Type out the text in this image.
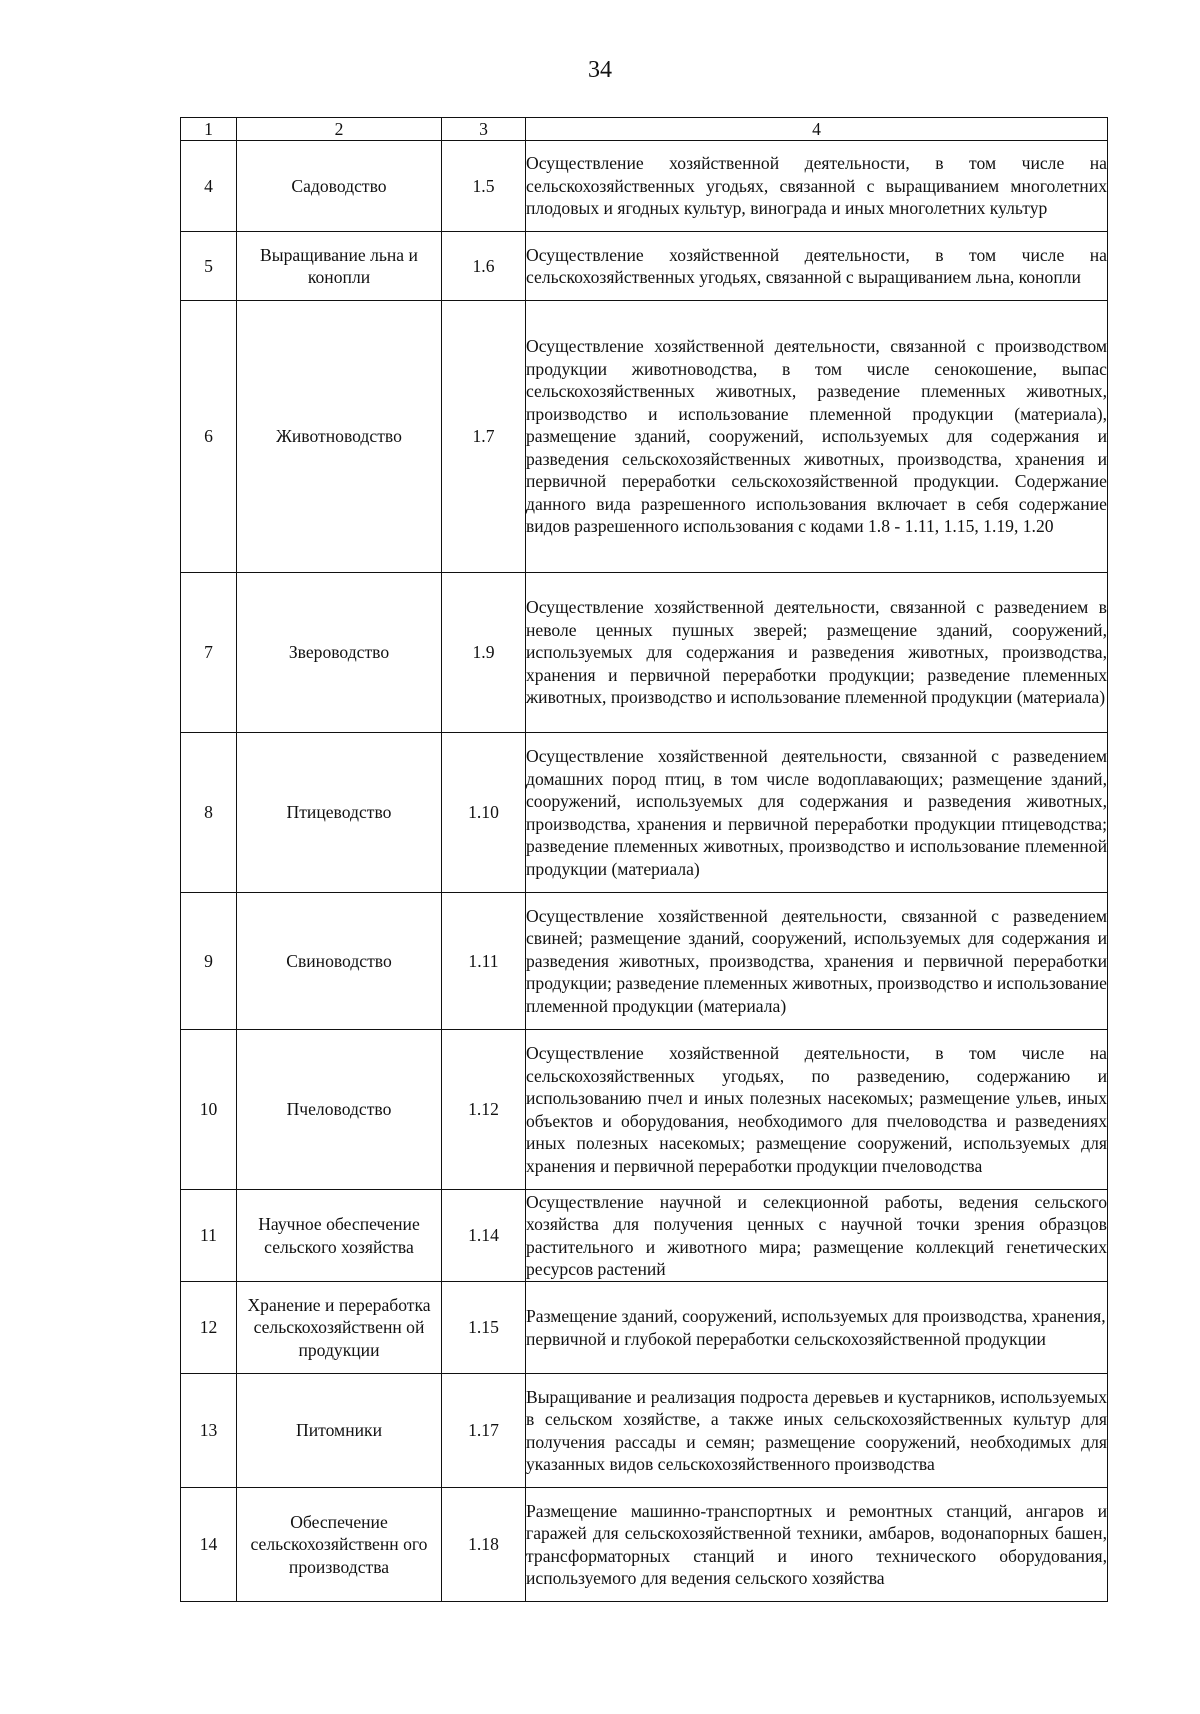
34
1	2	3	4
4	Садоводство	1.5	Осуществление хозяйственной деятельности, в том числе на сельскохозяйственных угодьях, связанной с выращиванием многолетних плодовых и ягодных культур, винограда и иных многолетних культур

5	Выращивание льна и конопли	1.6	Осуществление хозяйственной деятельности, в том числе на сельскохозяйственных угодьях, связанной с выращиванием льна, конопли

6	Животноводство	1.7	Осуществление хозяйственной деятельности, связанной с производством продукции животноводства, в том числе сенокошение, выпас сельскохозяйственных животных, разведение племенных животных, производство и использование племенной продукции (материала), размещение зданий, сооружений, используемых для содержания и разведения сельскохозяйственных животных, производства, хранения и первичной переработки сельскохозяйственной продукции. Содержание данного вида разрешенного использования включает в себя содержание видов разрешенного использования с кодами 1.8 - 1.11, 1.15, 1.19, 1.20

7	Звероводство	1.9	Осуществление хозяйственной деятельности, связанной с разведением в неволе ценных пушных зверей; размещение зданий, сооружений, используемых для содержания и разведения животных, производства, хранения и первичной переработки продукции; разведение племенных животных, производство и использование племенной продукции (материала)

8	Птицеводство	1.10	Осуществление хозяйственной деятельности, связанной с разведением домашних пород птиц, в том числе водоплавающих; размещение зданий, сооружений, используемых для содержания и разведения животных, производства, хранения и первичной переработки продукции птицеводства; разведение племенных животных, производство и использование племенной продукции (материала)

9	Свиноводство	1.11	Осуществление хозяйственной деятельности, связанной с разведением свиней; размещение зданий, сооружений, используемых для содержания и разведения животных, производства, хранения и первичной переработки продукции; разведение племенных животных, производство и использование племенной продукции (материала)

10	Пчеловодство	1.12	Осуществление хозяйственной деятельности, в том числе на сельскохозяйственных угодьях, по разведению, содержанию и использованию пчел и иных полезных насекомых; размещение ульев, иных объектов и оборудования, необходимого для пчеловодства и разведениях иных полезных насекомых; размещение сооружений, используемых для хранения и первичной переработки продукции пчеловодства

11	Научное обеспечение сельского хозяйства	1.14	Осуществление научной и селекционной работы, ведения сельского хозяйства для получения ценных с научной точки зрения образцов растительного и животного мира; размещение коллекций генетических ресурсов растений

12	Хранение и переработка сельскохозяйственн ой продукции	1.15	Размещение зданий, сооружений, используемых для производства, хранения, первичной и глубокой переработки сельскохозяйственной продукции

13	Питомники	1.17	Выращивание и реализация подроста деревьев и кустарников, используемых в сельском хозяйстве, а также иных сельскохозяйственных культур для получения рассады и семян; размещение сооружений, необходимых для указанных видов сельскохозяйственного производства

14	Обеспечение сельскохозяйственн ого производства	1.18	Размещение машинно-транспортных и ремонтных станций, ангаров и гаражей для сельскохозяйственной техники, амбаров, водонапорных башен, трансформаторных станций и иного технического оборудования, используемого для ведения сельского хозяйства
